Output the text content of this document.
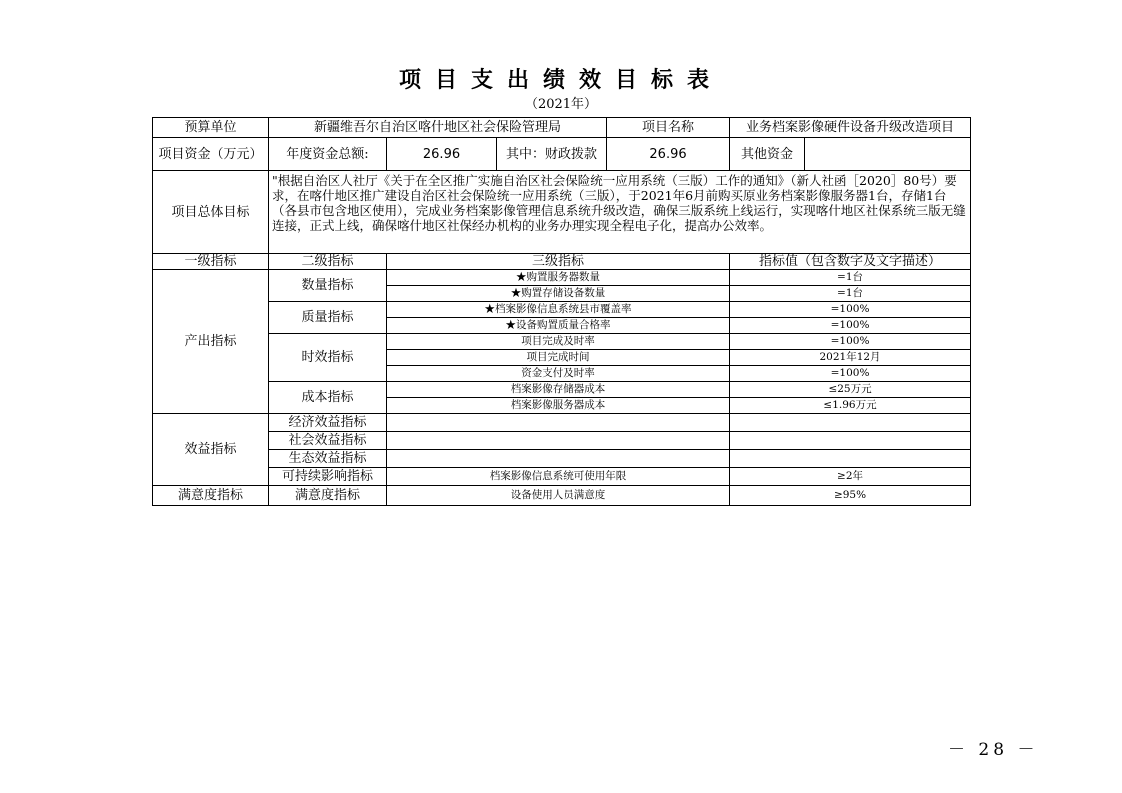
项目支出绩效目标表
（2021年）
预算单位	新疆维吾尔自治区喀什地区社会保险管理局			项目名称	业务档案影像硬件设备升级改造项目	
项目资金（万元）	年度资金总额:	26.96	其中：财政拨款	26.96	其他资金	
项目总体目标	"根据自治区人社厅《关于在全区推广实施自治区社会保险统一应用系统（三版）工作的通知》（新人社函［2020］80号）要求，在喀什地区推广建设自治区社会保险统一应用系统（三版），于2021年6月前购买原业务档案影像服务器1台，存储1台（各县市包含地区使用），完成业务档案影像管理信息系统升级改造，确保三版系统上线运行，实现喀什地区社保系统三版无缝连接，正式上线，确保喀什地区社保经办机构的业务办理实现全程电子化，提高办公效率。					
一级指标	二级指标	三级指标			指标值（包含数字及文字描述）	
产出指标	数量指标	★购置服务器数量			=1台	
		★购置存储设备数量			=1台	
	质量指标	★档案影像信息系统县市覆盖率			=100%	
		★设备购置质量合格率			=100%	
	时效指标	项目完成及时率			=100%	
		项目完成时间			2021年12月	
		资金支付及时率			=100%	
	成本指标	档案影像存储器成本			≤25万元	
		档案影像服务器成本			≤1.96万元	
效益指标	经济效益指标					
	社会效益指标					
	生态效益指标					
	可持续影响指标	档案影像信息系统可使用年限			≥2年	
满意度指标	满意度指标	设备使用人员满意度			≥95%	
－ 28 －
